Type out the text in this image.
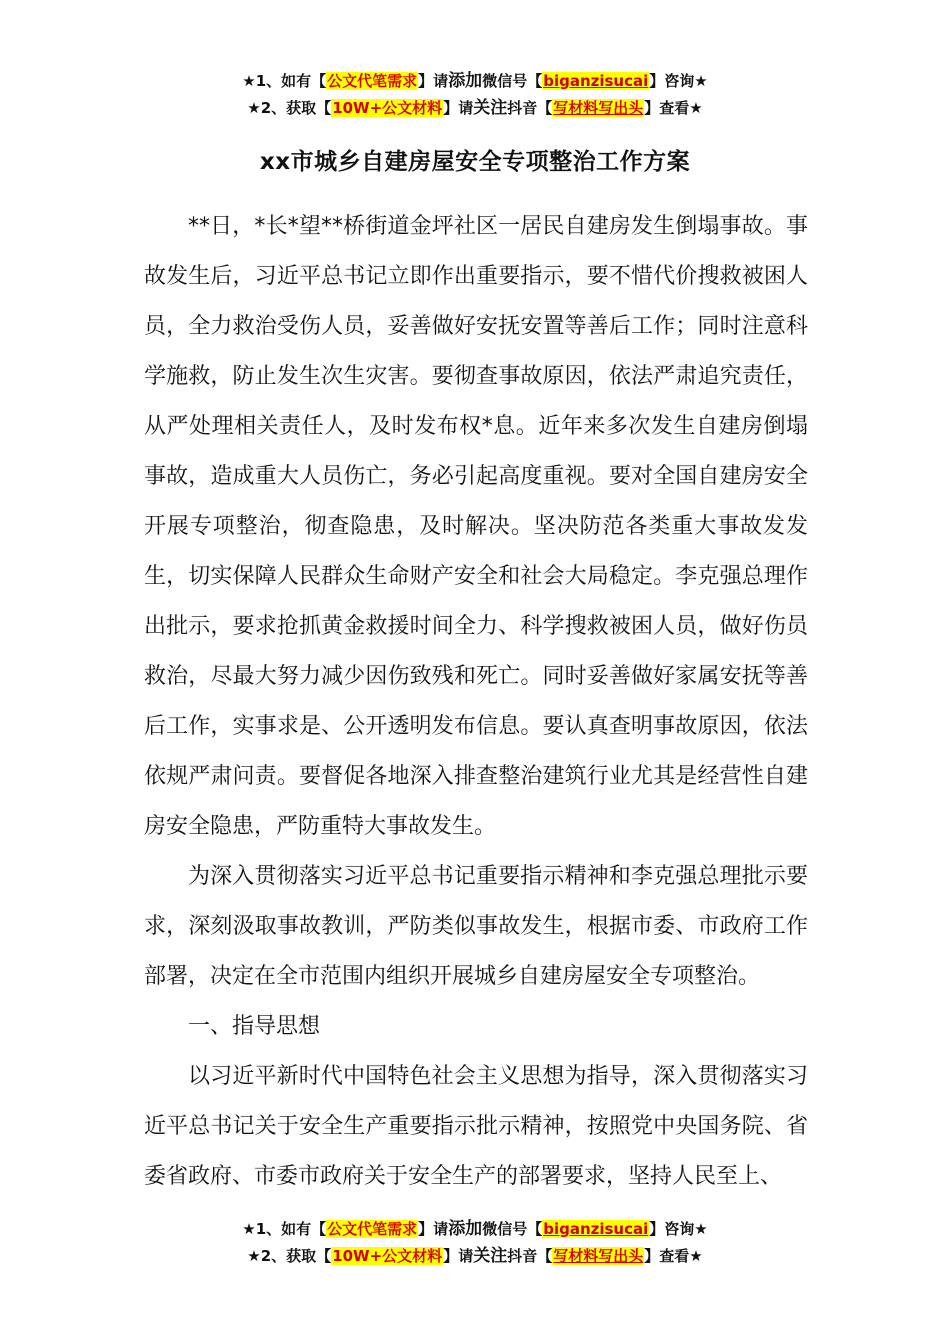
★1、如有【公文代笔需求】请添加微信号【biganzisucai】咨询★
★2、获取【10W+公文材料】请关注抖音【写材料写出头】查看★
xx市城乡自建房屋安全专项整治工作方案

**日，*长*望**桥街道金坪社区一居民自建房发生倒塌事故。事故发生后，习近平总书记立即作出重要指示，要不惜代价搜救被困人员，全力救治受伤人员，妥善做好安抚安置等善后工作；同时注意科学施救，防止发生次生灾害。要彻查事故原因，依法严肃追究责任，从严处理相关责任人，及时发布权*息。近年来多次发生自建房倒塌事故，造成重大人员伤亡，务必引起高度重视。要对全国自建房安全开展专项整治，彻查隐患，及时解决。坚决防范各类重大事故发发生，切实保障人民群众生命财产安全和社会大局稳定。李克强总理作出批示，要求抢抓黄金救援时间全力、科学搜救被困人员，做好伤员救治，尽最大努力减少因伤致残和死亡。同时妥善做好家属安抚等善后工作，实事求是、公开透明发布信息。要认真查明事故原因，依法依规严肃问责。要督促各地深入排查整治建筑行业尤其是经营性自建房安全隐患，严防重特大事故发生。

为深入贯彻落实习近平总书记重要指示精神和李克强总理批示要求，深刻汲取事故教训，严防类似事故发生，根据市委、市政府工作部署，决定在全市范围内组织开展城乡自建房屋安全专项整治。

一、指导思想

以习近平新时代中国特色社会主义思想为指导，深入贯彻落实习近平总书记关于安全生产重要指示批示精神，按照党中央国务院、省委省政府、市委市政府关于安全生产的部署要求，坚持人民至上、

★1、如有【公文代笔需求】请添加微信号【biganzisucai】咨询★
★2、获取【10W+公文材料】请关注抖音【写材料写出头】查看★
